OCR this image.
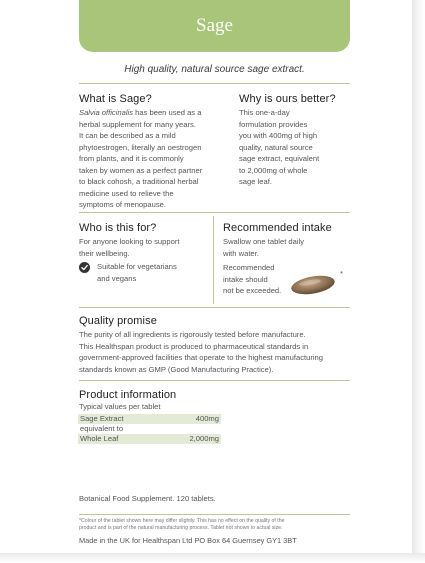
Sage
High quality, natural source sage extract.
What is Sage?
Salvia officinalis has been used as a
herbal supplement for many years.
It can be described as a mild
phytoestrogen, literally an oestrogen
from plants, and it is commonly
taken by women as a perfect partner
to black cohosh, a traditional herbal
medicine used to relieve the
symptoms of menopause.
Why is ours better?
This one-a-day
formulation provides
you with 400mg of high
quality, natural source
sage extract, equivalent
to 2,000mg of whole
sage leaf.
Who is this for?
For anyone looking to support
their wellbeing.
Suitable for vegetarians
and vegans
Recommended intake
Swallow one tablet daily
with water.
Recommended
intake should
not be exceeded.
*
Quality promise
The purity of all ingredients is rigorously tested before manufacture.
This Healthspan product is produced to pharmaceutical standards in
government-approved facilities that operate to the highest manufacturing
standards known as GMP (Good Manufacturing Practice).
Product information
Typical values per tablet
Sage Extract	400mg
equivalent to	
Whole Leaf	2,000mg
Botanical Food Supplement. 120 tablets.
*Colour of the tablet shown here may differ slightly. This has no effect on the quality of the
product and is part of the natural manufacturing process. Tablet not shown to actual size.
Made in the UK for Healthspan Ltd PO Box 64 Guernsey GY1 3BT
